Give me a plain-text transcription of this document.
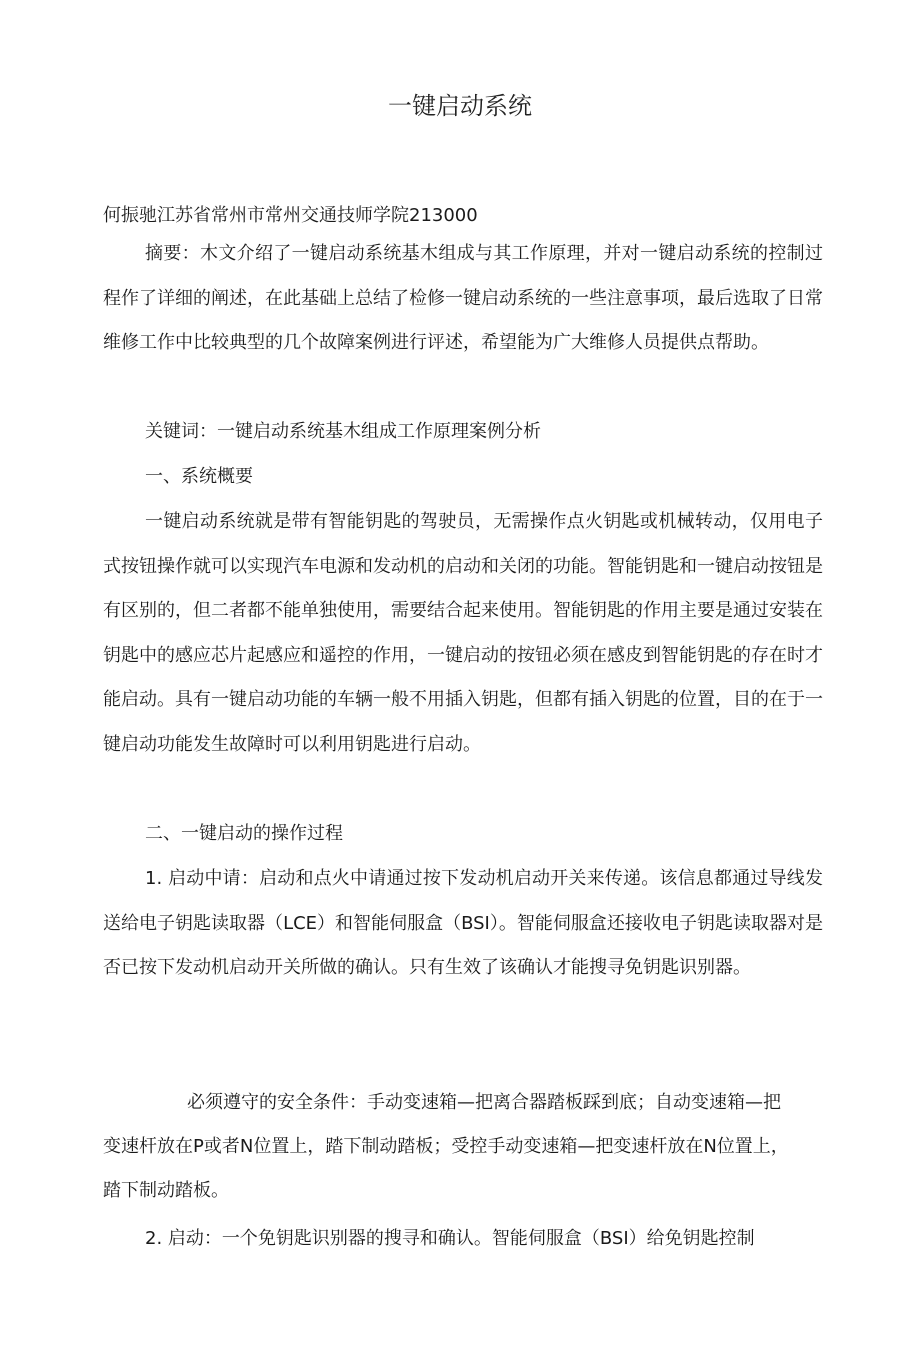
一键启动系统

何振驰江苏省常州市常州交通技师学院213000

摘要：木文介绍了一键启动系统基木组成与其工作原理，并对一键启动系统的控制过程作了详细的阐述，在此基础上总结了检修一键启动系统的一些注意事项，最后选取了日常维修工作中比较典型的几个故障案例进行评述，希望能为广大维修人员提供点帮助。

关键词：一键启动系统基木组成工作原理案例分析

一、系统概要

一键启动系统就是带有智能钥匙的驾驶员，无需操作点火钥匙或机械转动，仅用电子式按钮操作就可以实现汽车电源和发动机的启动和关闭的功能。智能钥匙和一键启动按钮是有区别的，但二者都不能单独使用，需要结合起来使用。智能钥匙的作用主要是通过安装在钥匙中的感应芯片起感应和遥控的作用，一键启动的按钮必须在感皮到智能钥匙的存在时才能启动。具有一键启动功能的车辆一般不用插入钥匙，但都有插入钥匙的位置，目的在于一键启动功能发生故障时可以利用钥匙进行启动。

二、一键启动的操作过程

1. 启动中请：启动和点火中请通过按下发动机启动开关来传递。该信息都通过导线发送给电子钥匙读取器（LCE）和智能伺服盒（BSI）。智能伺服盒还接收电子钥匙读取器对是否已按下发动机启动开关所做的确认。只有生效了该确认才能搜寻免钥匙识别器。

必须遵守的安全条件：手动变速箱—把离合器踏板踩到底；自动变速箱—把变速杆放在P或者N位置上，踏下制动踏板；受控手动变速箱—把变速杆放在N位置上，踏下制动踏板。

2. 启动：一个免钥匙识别器的搜寻和确认。智能伺服盒（BSI）给免钥匙控制
